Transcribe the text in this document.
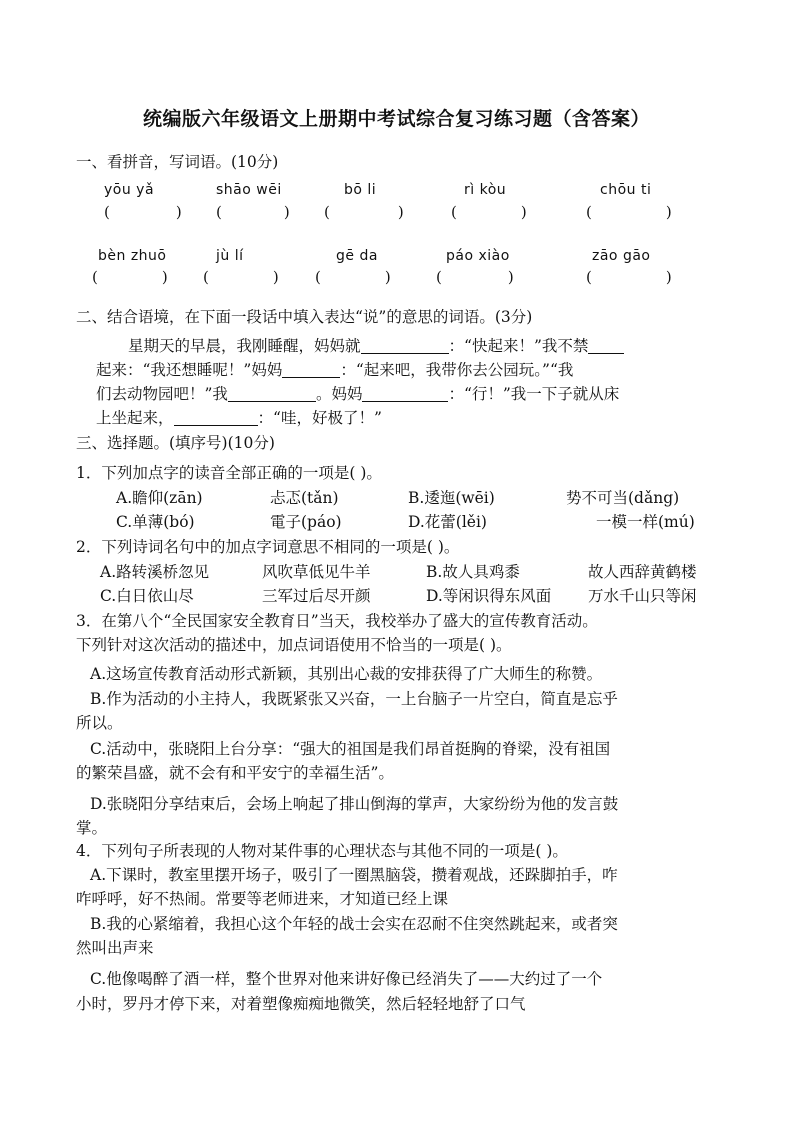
统编版六年级语文上册期中考试综合复习练习题（含答案）
一、看拼音，写词语。(10分)
yōu yǎ	shāo wēi	bō li	rì kòu	chōu ti
(	) (	) (	)	(	)	(	)
bèn zhuō	jù lí	gē da	páo xiào	zāo gāo
(	) (	) (	)	(	)	(	)
二、结合语境，在下面一段话中填入表达“说”的意思的词语。(3分)
星期天的早晨，我刚睡醒，妈妈就	：“快起来！”我不禁
起来：“我还想睡呢！”妈妈	：“起来吧，我带你去公园玩。”“我
们去动物园吧！”我	。妈妈	：“行！”我一下子就从床
上坐起来，	：“哇，好极了！”
三、选择题。(填序号)(10分)
1．下列加点字的读音全部正确的一项是( )。
A.瞻仰(zān)	忐忑(tǎn)	B.逶迤(wēi)	势不可当(dǎng)
C.单薄(bó)	電子(páo)	D.花蕾(lěi)	一模一样(mú)
2．下列诗词名句中的加点字词意思不相同的一项是( )。
A.路转溪桥忽见	风吹草低见牛羊	B.故人具鸡黍	故人西辞黄鹤楼
C.白日依山尽	三军过后尽开颜	D.等闲识得东风面 万水千山只等闲
3．在第八个“全民国家安全教育日”当天，我校举办了盛大的宣传教育活动。
下列针对这次活动的描述中，加点词语使用不恰当的一项是( )。
A.这场宣传教育活动形式新颖，其别出心裁的安排获得了广大师生的称赞。
B.作为活动的小主持人，我既紧张又兴奋，一上台脑子一片空白，简直是忘乎
所以。
C.活动中，张晓阳上台分享：“强大的祖国是我们昂首挺胸的脊梁，没有祖国
的繁荣昌盛，就不会有和平安宁的幸福生活”。
D.张晓阳分享结束后，会场上响起了排山倒海的掌声，大家纷纷为他的发言鼓
掌。
4．下列句子所表现的人物对某件事的心理状态与其他不同的一项是( )。
A.下课时，教室里摆开场子，吸引了一圈黑脑袋，攒着观战，还跺脚拍手，咋
咋呼呼，好不热闹。常要等老师进来，才知道已经上课
B.我的心紧缩着，我担心这个年轻的战士会实在忍耐不住突然跳起来，或者突
然叫出声来
C.他像喝醉了酒一样，整个世界对他来讲好像已经消失了——大约过了一个
小时，罗丹才停下来，对着塑像痴痴地微笑，然后轻轻地舒了口气
